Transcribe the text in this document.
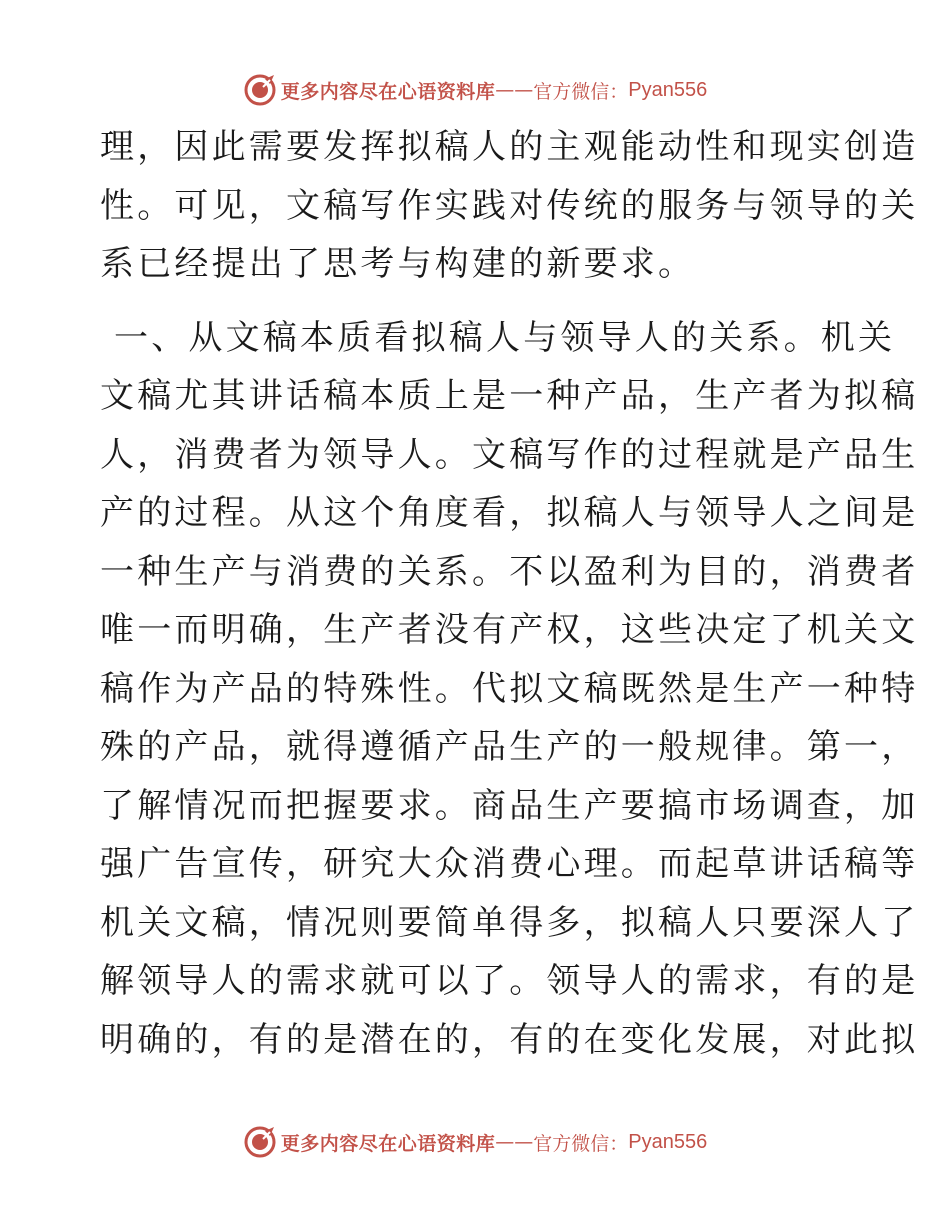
更多内容尽在心语资料库 —— 官方微信： Pyan556
理，因此需要发挥拟稿人的主观能动性和现实创造
性。可见，文稿写作实践对传统的服务与领导的关
系已经提出了思考与构建的新要求。
一、从文稿本质看拟稿人与领导人的关系。机关
文稿尤其讲话稿本质上是一种产品，生产者为拟稿
人，消费者为领导人。文稿写作的过程就是产品生
产的过程。从这个角度看，拟稿人与领导人之间是
一种生产与消费的关系。不以盈利为目的，消费者
唯一而明确，生产者没有产权，这些决定了机关文
稿作为产品的特殊性。代拟文稿既然是生产一种特
殊的产品，就得遵循产品生产的一般规律。第一，
了解情况而把握要求。商品生产要搞市场调查，加
强广告宣传，研究大众消费心理。而起草讲话稿等
机关文稿，情况则要简单得多，拟稿人只要深人了
解领导人的需求就可以了。领导人的需求，有的是
明确的，有的是潜在的，有的在变化发展，对此拟
更多内容尽在心语资料库 —— 官方微信： Pyan556
